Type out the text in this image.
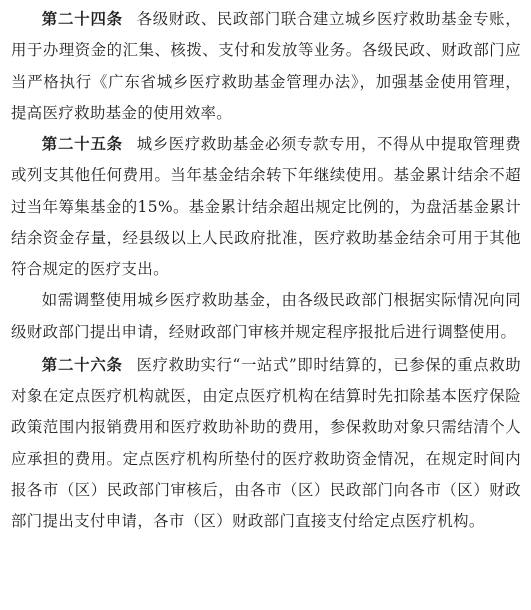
第二十四条 各级财政、民政部门联合建立城乡医疗救助基金专账，用于办理资金的汇集、核拨、支付和发放等业务。各级民政、财政部门应当严格执行《广东省城乡医疗救助基金管理办法》，加强基金使用管理，提高医疗救助基金的使用效率。

第二十五条 城乡医疗救助基金必须专款专用，不得从中提取管理费或列支其他任何费用。当年基金结余转下年继续使用。基金累计结余不超过当年筹集基金的15%。基金累计结余超出规定比例的，为盘活基金累计结余资金存量，经县级以上人民政府批准，医疗救助基金结余可用于其他符合规定的医疗支出。

如需调整使用城乡医疗救助基金，由各级民政部门根据实际情况向同级财政部门提出申请，经财政部门审核并规定程序报批后进行调整使用。

第二十六条 医疗救助实行“一站式”即时结算的，已参保的重点救助对象在定点医疗机构就医，由定点医疗机构在结算时先扣除基本医疗保险政策范围内报销费用和医疗救助补助的费用，参保救助对象只需结清个人应承担的费用。定点医疗机构所垫付的医疗救助资金情况，在规定时间内报各市（区）民政部门审核后，由各市（区）民政部门向各市（区）财政部门提出支付申请，各市（区）财政部门直接支付给定点医疗机构。
